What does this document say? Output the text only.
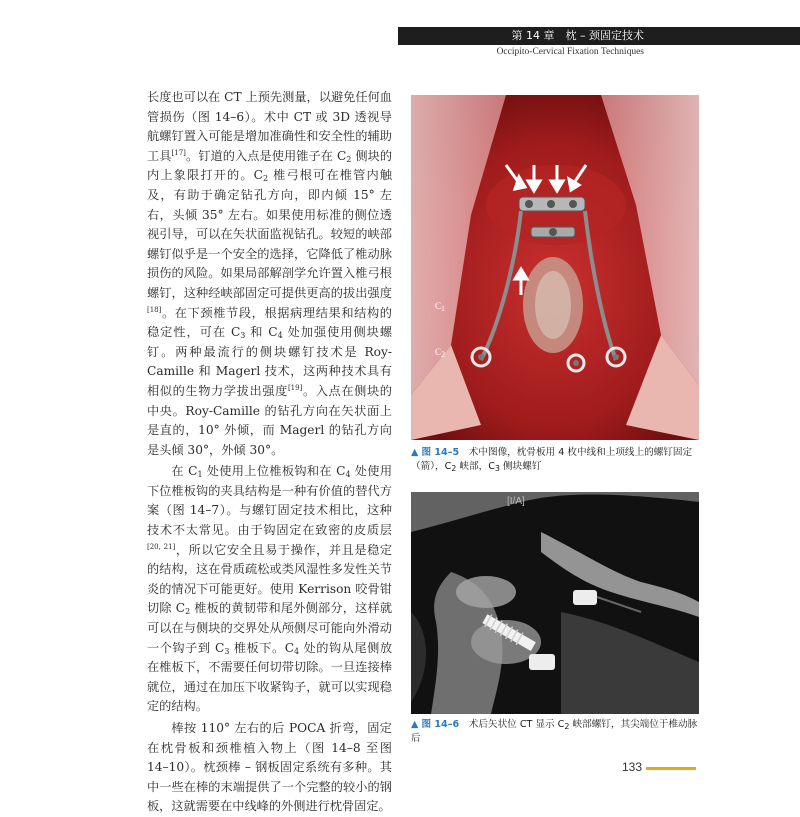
第 14 章　枕 – 颈固定技术
Occipito-Cervical Fixation Techniques

长度也可以在 CT 上预先测量，以避免任何血管损伤（图 14–6）。术中 CT 或 3D 透视导航螺钉置入可能是增加准确性和安全性的辅助工具[17]。钉道的入点是使用锥子在 $C_2$ 侧块的内上象限打开的。$C_2$ 椎弓根可在椎管内触及，有助于确定钻孔方向，即内倾 15° 左右，头倾 35° 左右。如果使用标准的侧位透视引导，可以在矢状面监视钻孔。较短的峡部螺钉似乎是一个安全的选择，它降低了椎动脉损伤的风险。如果局部解剖学允许置入椎弓根螺钉，这种经峡部固定可提供更高的拔出强度[18]。在下颈椎节段，根据病理结果和结构的稳定性，可在 $C_3$ 和 $C_4$ 处加强使用侧块螺钉。两种最流行的侧块螺钉技术是 Roy-Camille 和 Magerl 技术，这两种技术具有相似的生物力学拔出强度[19]。入点在侧块的中央。Roy-Camille 的钻孔方向在矢状面上是直的，10° 外倾，而 Magerl 的钻孔方向是头倾 30°，外倾 30°。

在 $C_1$ 处使用上位椎板钩和在 $C_4$ 处使用下位椎板钩的夹具结构是一种有价值的替代方案（图 14–7）。与螺钉固定技术相比，这种技术不太常见。由于钩固定在致密的皮质层[20, 21]，所以它安全且易于操作，并且是稳定的结构，这在骨质疏松或类风湿性多发性关节炎的情况下可能更好。使用 Kerrison 咬骨钳切除 $C_2$ 椎板的黄韧带和尾外侧部分，这样就可以在与侧块的交界处从颅侧尽可能向外滑动一个钩子到 $C_3$ 椎板下。$C_4$ 处的钩从尾侧放在椎板下，不需要任何切带切除。一旦连接棒就位，通过在加压下收紧钩子，就可以实现稳定的结构。

棒按 110° 左右的后 POCA 折弯，固定在枕骨板和颈椎植入物上（图 14–8 至图 14–10）。枕颈棒 – 钢板固定系统有多种。其中一些在棒的末端提供了一个完整的较小的钢板，这就需要在中线峰的外侧进行枕骨固定。

$C_1$
$C_2$
▲ 图 14–5　术中图像，枕骨板用 4 枚中线和上项线上的螺钉固定（箭），$C_2$ 峡部，$C_3$ 侧块螺钉
[I/A]
▲ 图 14–6　术后矢状位 CT 显示 $C_2$ 峡部螺钉，其尖端位于椎动脉后
133
